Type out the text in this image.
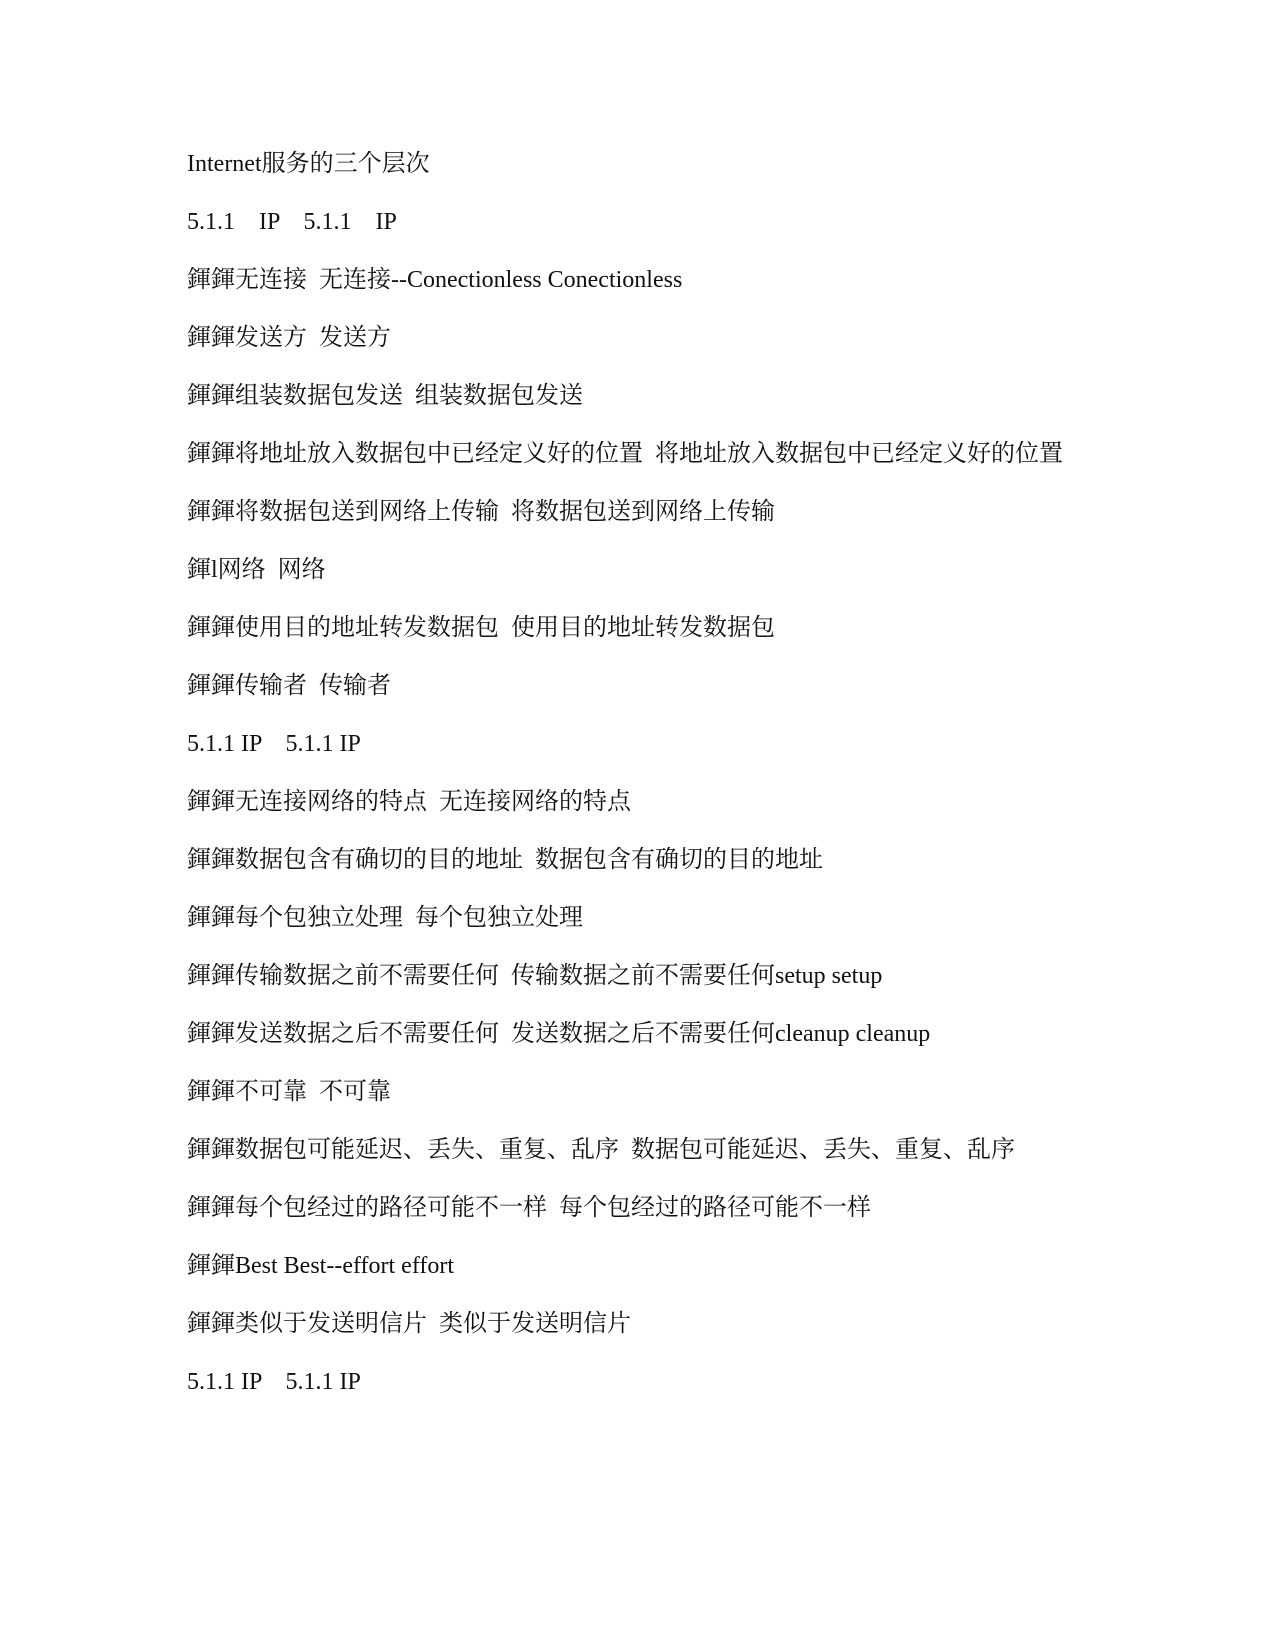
Internet服务的三个层次
5.1.1    IP    5.1.1    IP
鍕鍕无连接  无连接--Conectionless Conectionless
鍕鍕发送方  发送方
鍕鍕组装数据包发送  组装数据包发送
鍕鍕将地址放入数据包中已经定义好的位置  将地址放入数据包中已经定义好的位置
鍕鍕将数据包送到网络上传输  将数据包送到网络上传输
鍕l网络  网络
鍕鍕使用目的地址转发数据包  使用目的地址转发数据包
鍕鍕传输者  传输者
5.1.1 IP    5.1.1 IP
鍕鍕无连接网络的特点  无连接网络的特点
鍕鍕数据包含有确切的目的地址  数据包含有确切的目的地址
鍕鍕每个包独立处理  每个包独立处理
鍕鍕传输数据之前不需要任何  传输数据之前不需要任何setup setup
鍕鍕发送数据之后不需要任何  发送数据之后不需要任何cleanup cleanup
鍕鍕不可靠  不可靠
鍕鍕数据包可能延迟、丢失、重复、乱序  数据包可能延迟、丢失、重复、乱序
鍕鍕每个包经过的路径可能不一样  每个包经过的路径可能不一样
鍕鍕Best Best--effort effort
鍕鍕类似于发送明信片  类似于发送明信片
5.1.1 IP    5.1.1 IP
